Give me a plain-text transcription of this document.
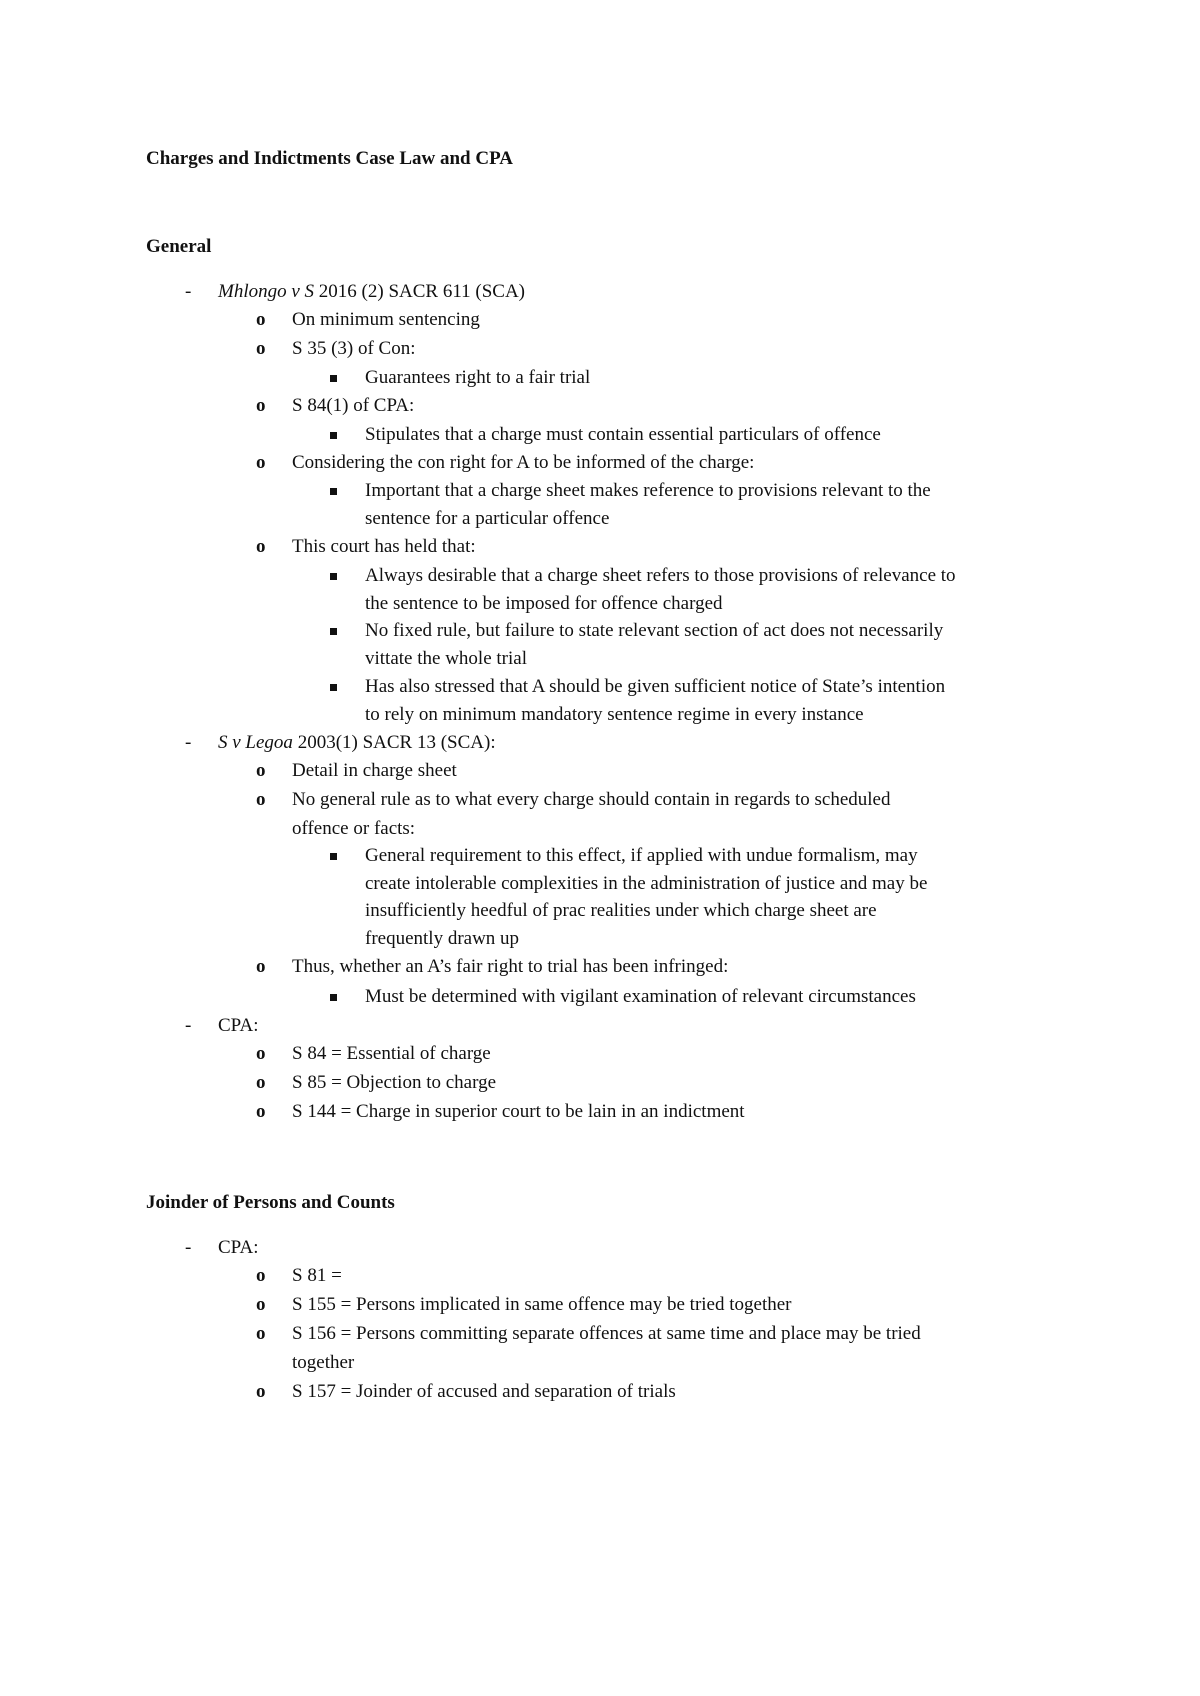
Charges and Indictments Case Law and CPA
General
- Mhlongo v S 2016 (2) SACR 611 (SCA)
o On minimum sentencing
o S 35 (3) of Con:
Guarantees right to a fair trial
o S 84(1) of CPA:
Stipulates that a charge must contain essential particulars of offence
o Considering the con right for A to be informed of the charge:
Important that a charge sheet makes reference to provisions relevant to the
sentence for a particular offence
o This court has held that:
Always desirable that a charge sheet refers to those provisions of relevance to
the sentence to be imposed for offence charged
No fixed rule, but failure to state relevant section of act does not necessarily
vittate the whole trial
Has also stressed that A should be given sufficient notice of State’s intention
to rely on minimum mandatory sentence regime in every instance
- S v Legoa 2003(1) SACR 13 (SCA):
o Detail in charge sheet
o No general rule as to what every charge should contain in regards to scheduled
offence or facts:
General requirement to this effect, if applied with undue formalism, may
create intolerable complexities in the administration of justice and may be
insufficiently heedful of prac realities under which charge sheet are
frequently drawn up
o Thus, whether an A’s fair right to trial has been infringed:
Must be determined with vigilant examination of relevant circumstances
- CPA:
o S 84 = Essential of charge
o S 85 = Objection to charge
o S 144 = Charge in superior court to be lain in an indictment
Joinder of Persons and Counts
- CPA:
o S 81 =
o S 155 = Persons implicated in same offence may be tried together
o S 156 = Persons committing separate offences at same time and place may be tried
together
o S 157 = Joinder of accused and separation of trials
